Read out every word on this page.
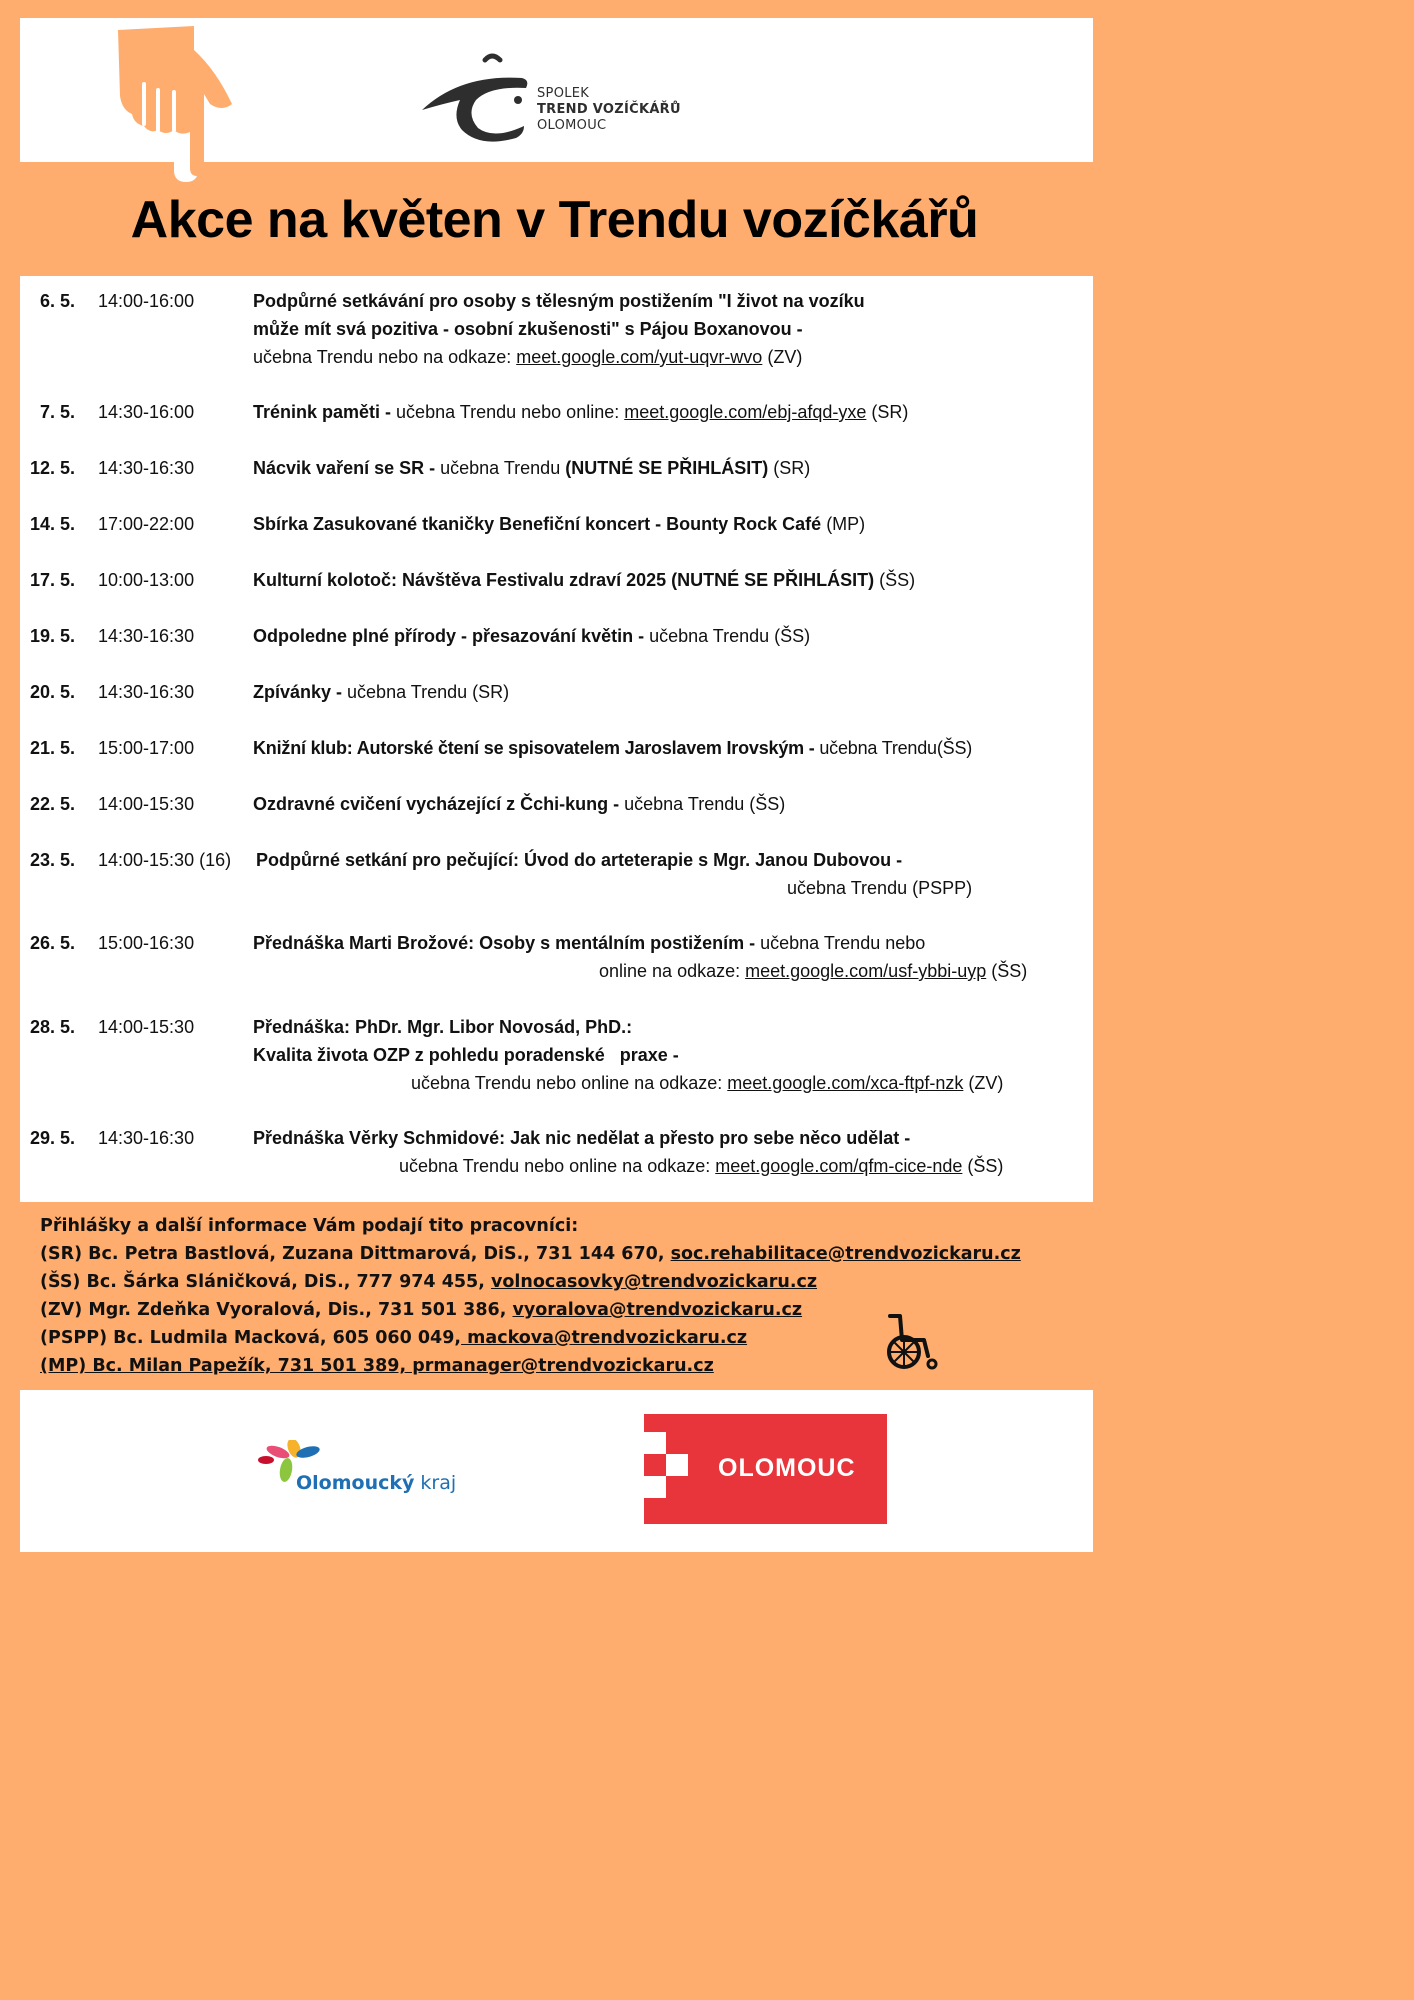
SPOLEK
TREND VOZÍČKÁŘŮ
OLOMOUC
Akce na květen v Trendu vozíčkářů
6. 5. 14:00-16:00	Podpůrné setkávání pro osoby s tělesným postižením "I život na vozíku
může mít svá pozitiva - osobní zkušenosti" s Pájou Boxanovou -
učebna Trendu nebo na odkaze: meet.google.com/yut-uqvr-wvo (ZV)
7. 5. 14:30-16:00	Trénink paměti - učebna Trendu nebo online: meet.google.com/ebj-afqd-yxe (SR)
12. 5. 14:30-16:30	Nácvik vaření se SR - učebna Trendu (NUTNÉ SE PŘIHLÁSIT) (SR)
14. 5. 17:00-22:00	Sbírka Zasukované tkaničky Benefiční koncert - Bounty Rock Café (MP)
17. 5. 10:00-13:00	Kulturní kolotoč: Návštěva Festivalu zdraví 2025 (NUTNÉ SE PŘIHLÁSIT) (ŠS)
19. 5. 14:30-16:30	Odpoledne plné přírody - přesazování květin - učebna Trendu (ŠS)
20. 5. 14:30-16:30	Zpívánky - učebna Trendu (SR)
21. 5. 15:00-17:00	Knižní klub: Autorské čtení se spisovatelem Jaroslavem Irovským - učebna Trendu(ŠS)
22. 5. 14:00-15:30	Ozdravné cvičení vycházející z Čchi-kung - učebna Trendu (ŠS)
23. 5. 14:00-15:30 (16) Podpůrné setkání pro pečující: Úvod do arteterapie s Mgr. Janou Dubovou -
učebna Trendu (PSPP)
26. 5. 15:00-16:30	Přednáška Marti Brožové: Osoby s mentálním postižením - učebna Trendu nebo
online na odkaze: meet.google.com/usf-ybbi-uyp (ŠS)
28. 5. 14:00-15:30	Přednáška: PhDr. Mgr. Libor Novosád, PhD.:
Kvalita života OZP z pohledu poradenské   praxe -
učebna Trendu nebo online na odkaze: meet.google.com/xca-ftpf-nzk (ZV)
29. 5. 14:30-16:30	Přednáška Věrky Schmidové: Jak nic nedělat a přesto pro sebe něco udělat -
učebna Trendu nebo online na odkaze: meet.google.com/qfm-cice-nde (ŠS)
Přihlášky a další informace Vám podají tito pracovníci:
(SR) Bc. Petra Bastlová, Zuzana Dittmarová, DiS., 731 144 670, soc.rehabilitace@trendvozickaru.cz
(ŠS) Bc. Šárka Sláničková, DiS., 777 974 455, volnocasovky@trendvozickaru.cz
(ZV) Mgr. Zdeňka Vyoralová, Dis., 731 501 386, vyoralova@trendvozickaru.cz
(PSPP) Bc. Ludmila Macková, 605 060 049, mackova@trendvozickaru.cz
(MP) Bc. Milan Papežík, 731 501 389, prmanager@trendvozickaru.cz
Olomoucký kraj
OLOMOUC
